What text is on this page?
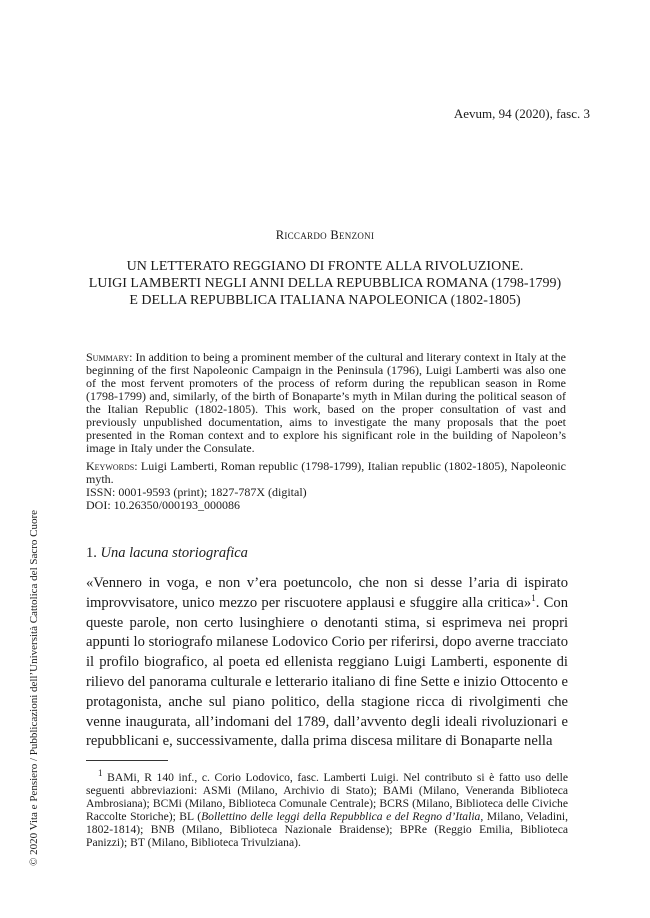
Aevum, 94 (2020), fasc. 3
Riccardo Benzoni
UN LETTERATO REGGIANO DI FRONTE ALLA RIVOLUZIONE.
LUIGI LAMBERTI NEGLI ANNI DELLA REPUBBLICA ROMANA (1798-1799)
E DELLA REPUBBLICA ITALIANA NAPOLEONICA (1802-1805)
Summary: In addition to being a prominent member of the cultural and literary context in Italy at the beginning of the first Napoleonic Campaign in the Peninsula (1796), Luigi Lamberti was also one of the most fervent promoters of the process of reform during the republican season in Rome (1798-1799) and, similarly, of the birth of Bonaparte’s myth in Milan during the political season of the Italian Republic (1802-1805). This work, based on the proper consultation of vast and previously unpublished documentation, aims to investigate the many proposals that the poet presented in the Roman context and to explore his significant role in the building of Napoleon’s image in Italy under the Consulate.
Keywords: Luigi Lamberti, Roman republic (1798-1799), Italian republic (1802-1805), Napoleonic myth.
ISSN: 0001-9593 (print); 1827-787X (digital)
DOI: 10.26350/000193_000086
1. Una lacuna storiografica
«Vennero in voga, e non v’era poetuncolo, che non si desse l’aria di ispirato improvvisatore, unico mezzo per riscuotere applausi e sfuggire alla critica»$^1$. Con queste parole, non certo lusinghiere o denotanti stima, si esprimeva nei propri appunti lo storiografo milanese Lodovico Corio per riferirsi, dopo averne tracciato il profilo biografico, al poeta ed ellenista reggiano Luigi Lamberti, esponente di rilievo del panorama culturale e letterario italiano di fine Sette e inizio Ottocento e protagonista, anche sul piano politico, della stagione ricca di rivolgimenti che venne inaugurata, all’indomani del 1789, dall’avvento degli ideali rivoluzionari e repubblicani e, successivamente, dalla prima discesa militare di Bonaparte nella
$^1$ BAMi, R 140 inf., c. Corio Lodovico, fasc. Lamberti Luigi. Nel contributo si è fatto uso delle seguenti abbreviazioni: ASMi (Milano, Archivio di Stato); BAMi (Milano, Veneranda Biblioteca Ambrosiana); BCMi (Milano, Biblioteca Comunale Centrale); BCRS (Milano, Biblioteca delle Civiche Raccolte Storiche); BL (Bollettino delle leggi della Repubblica e del Regno d’Italia, Milano, Veladini, 1802-1814); BNB (Milano, Biblioteca Nazionale Braidense); BPRe (Reggio Emilia, Biblioteca Panizzi); BT (Milano, Biblioteca Trivulziana).
© 2020 Vita e Pensiero / Pubblicazioni dell’Università Cattolica del Sacro Cuore
